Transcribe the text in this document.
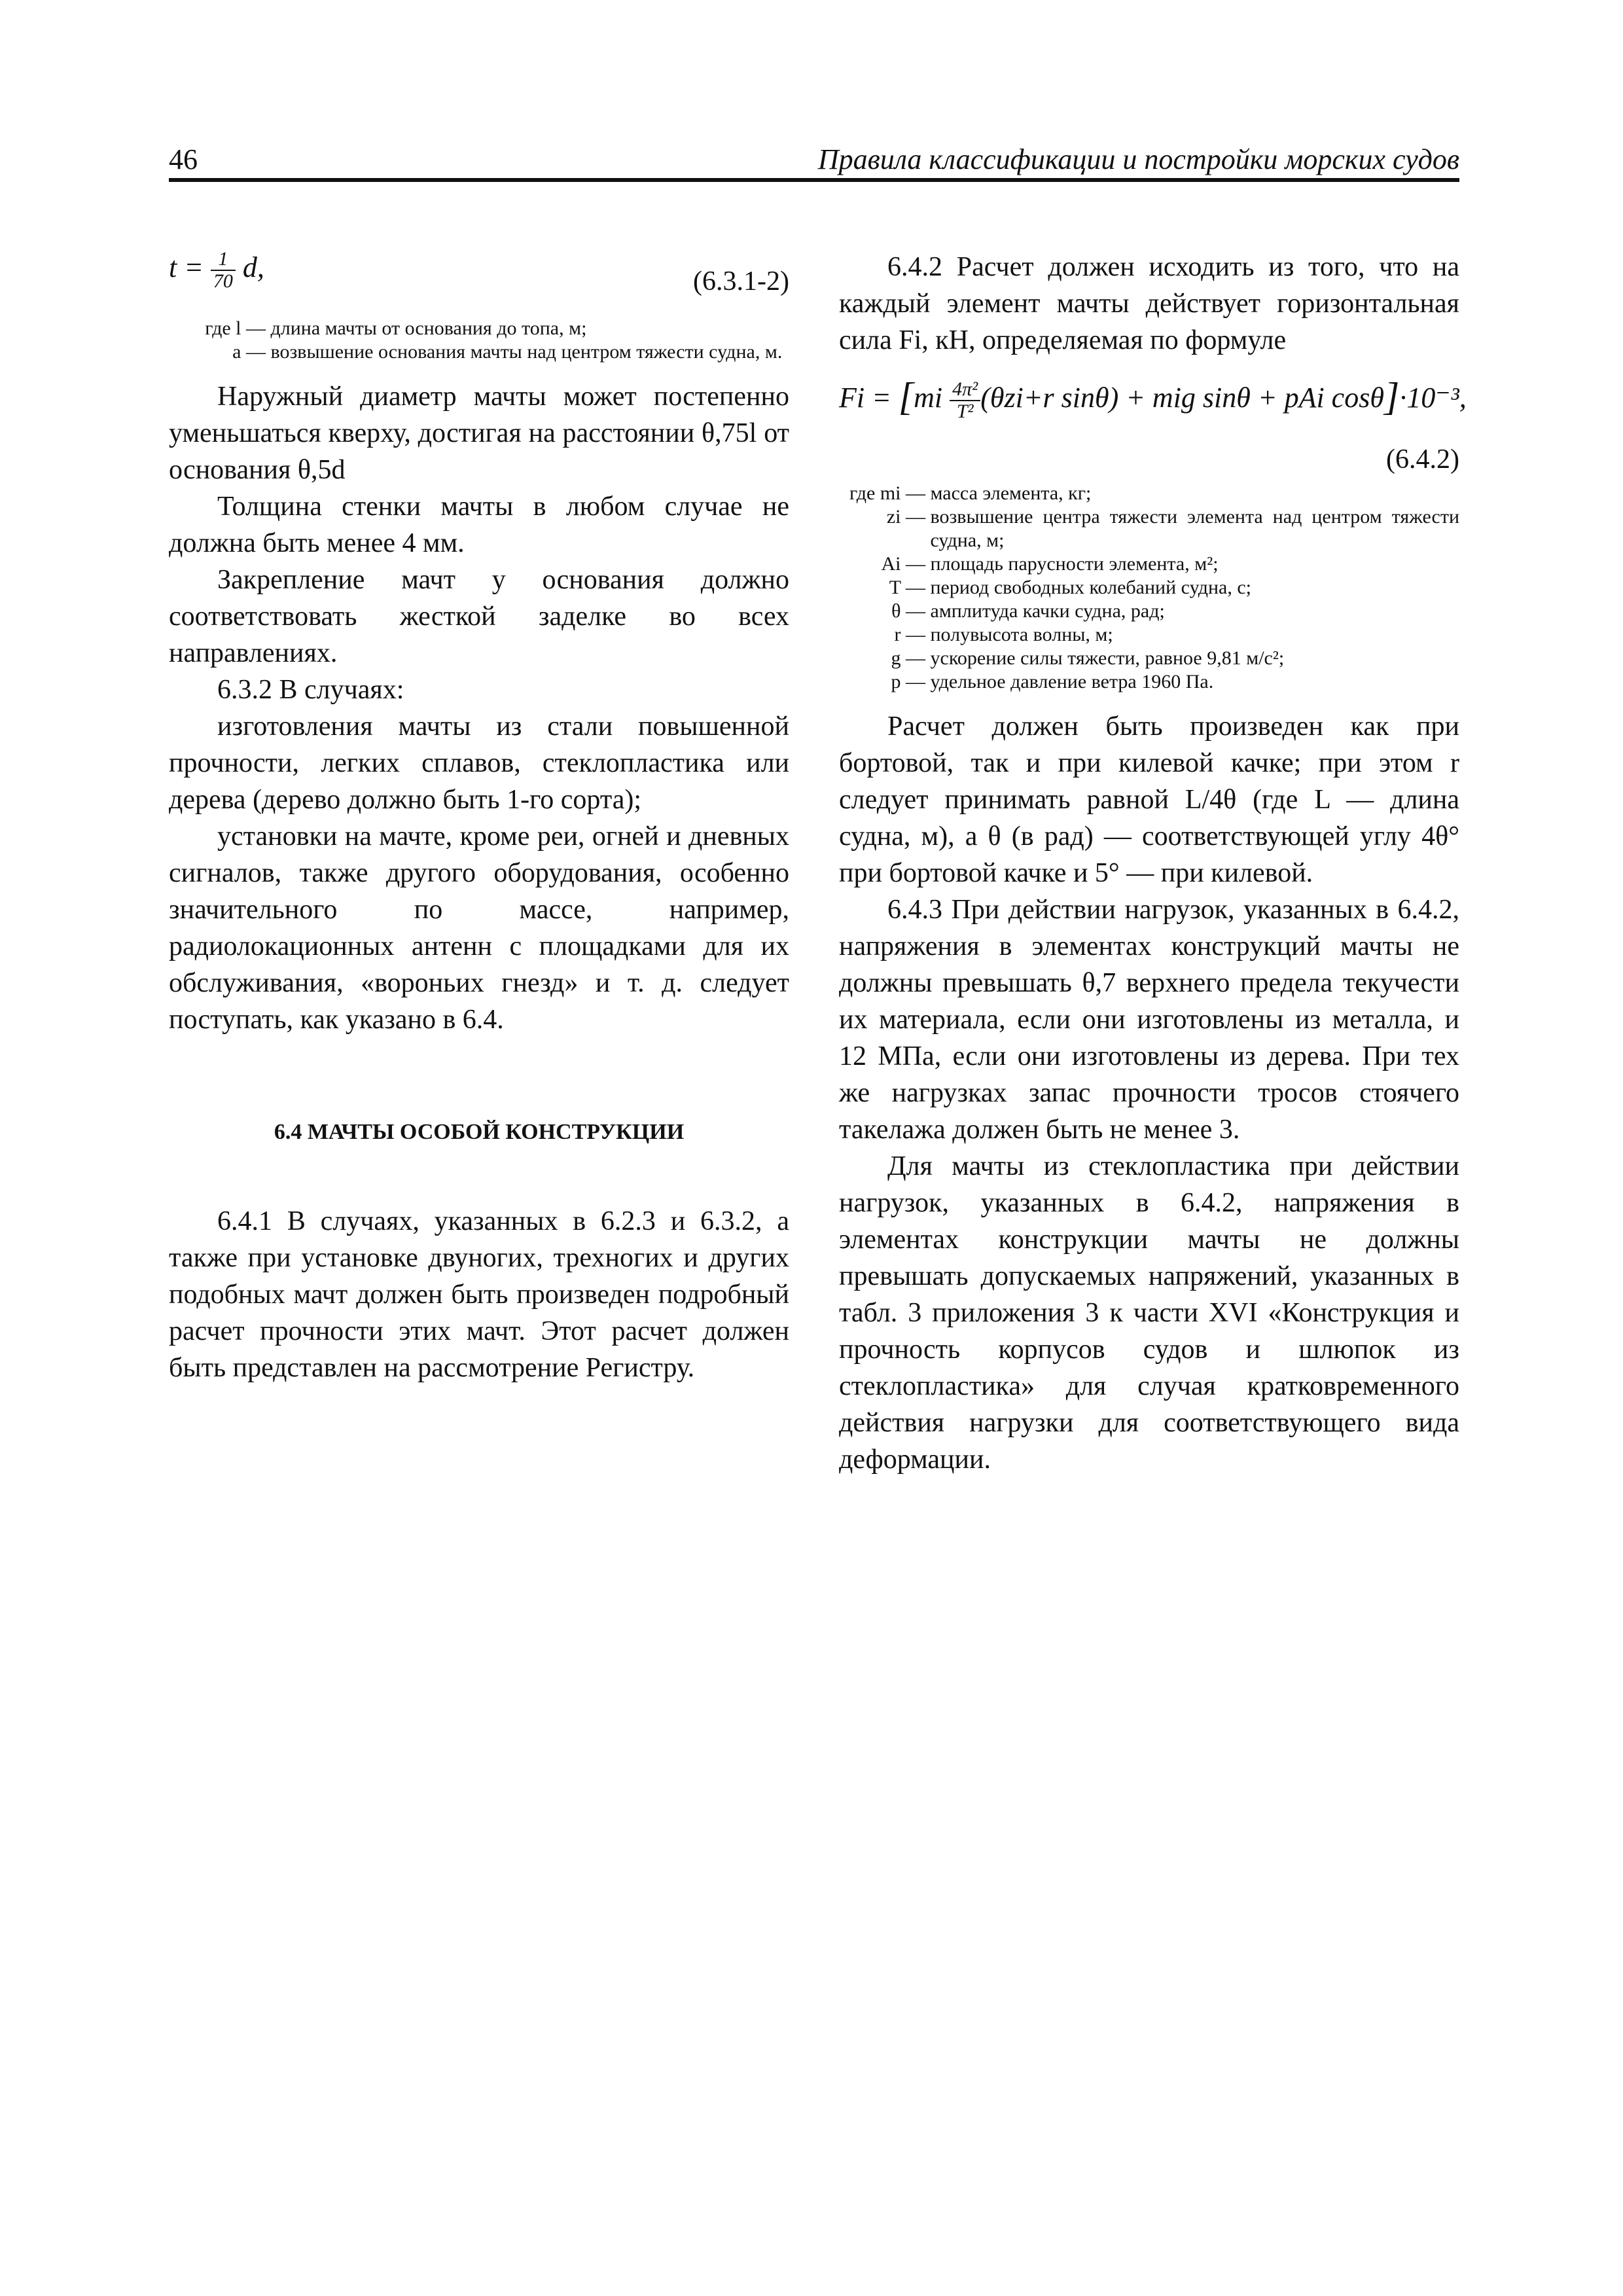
46	Правила классификации и постройки морских судов
$t = \frac{1}{70} d$,	(6.3.1-2)
где l —
длина мачты от основания до топа, м;
a —
возвышение основания мачты над центром тяжести судна, м.

Наружный диаметр мачты может постепенно уменьшаться кверху, достигая на расстоянии θ,75l от основания θ,5d

Толщина стенки мачты в любом случае не должна быть менее 4 мм.

Закрепление мачт у основания должно соответствовать жесткой заделке во всех направлениях.

6.3.2 В случаях:

изготовления мачты из стали повышенной прочности, легких сплавов, стеклопластика или дерева (дерево должно быть 1-го сорта);

установки на мачте, кроме реи, огней и дневных сигналов, также другого оборудования, особенно значительного по массе, например, радиолокационных антенн с площадками для их обслуживания, «вороньих гнезд» и т. д. следует поступать, как указано в 6.4.

6.4 МАЧТЫ ОСОБОЙ КОНСТРУКЦИИ

6.4.1 В случаях, указанных в 6.2.3 и 6.3.2, а также при установке двуногих, трехногих и других подобных мачт должен быть произведен подробный расчет прочности этих мачт. Этот расчет должен быть представлен на рассмотрение Регистру.

6.4.2 Расчет должен исходить из того, что на каждый элемент мачты действует горизонтальная сила Fi, кН, определяемая по формуле

$Fi = [mi \frac{\text{4π²}}{\text{T²}} (\theta zi+r$ sinθ) + mig sinθ + pAi cosθ]·10⁻³,
(6.4.2)
где mi —
масса элемента, кг;
zi —
возвышение центра тяжести элемента над центром тяжести судна, м;
Ai —
площадь парусности элемента, м²;
T —
период свободных колебаний судна, с;
θ —
амплитуда качки судна, рад;
r —
полувысота волны, м;
g —
ускорение силы тяжести, равное 9,81 м/с²;
p —
удельное давление ветра 1960 Па.

Расчет должен быть произведен как при бортовой, так и при килевой качке; при этом r следует принимать равной L/4θ (где L — длина судна, м), а θ (в рад) — соответствующей углу 4θ° при бортовой качке и 5° — при килевой.

6.4.3 При действии нагрузок, указанных в 6.4.2, напряжения в элементах конструкций мачты не должны превышать θ,7 верхнего предела текучести их материала, если они изготовлены из металла, и 12 МПа, если они изготовлены из дерева. При тех же нагрузках запас прочности тросов стоячего такелажа должен быть не менее 3.

Для мачты из стеклопластика при действии нагрузок, указанных в 6.4.2, напряжения в элементах конструкции мачты не должны превышать допускаемых напряжений, указанных в табл. 3 приложения 3 к части XVI «Конструкция и прочность корпусов судов и шлюпок из стеклопластика» для случая кратковременного действия нагрузки для соответствующего вида деформации.
